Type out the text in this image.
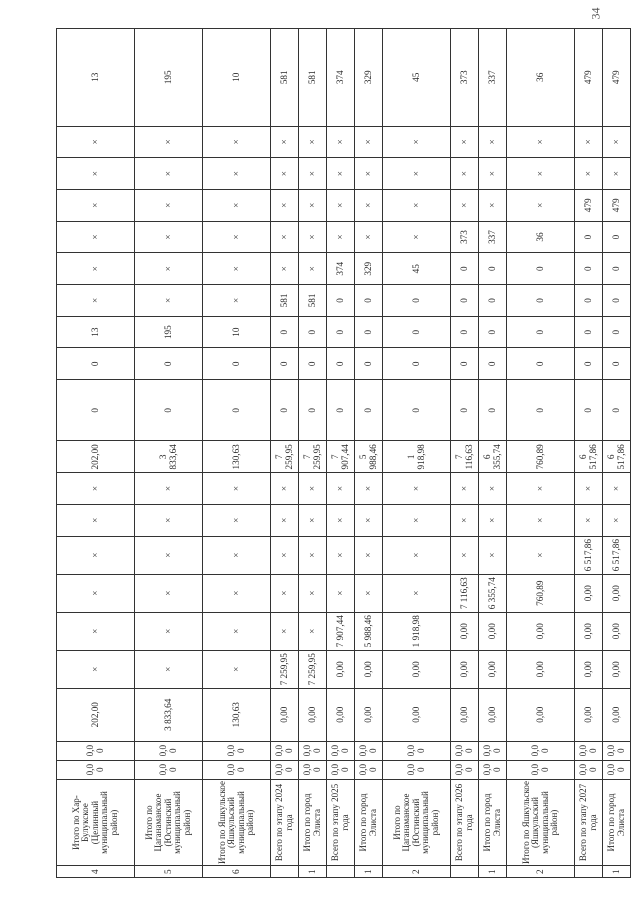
34
4	Итого по Хар-Булукское (Целинный муниципальный район)	0,00	0,00	202,00	×	×	×	×	×	×	202,00	0	0	13	×	×	×	×	×	×	13
5	Итого по Цаганаманское (Юстинский муниципальный район)	0,00	0,00	3 833,64	×	×	×	×	×	×	3 833,64	0	0	195	×	×	×	×	×	×	195
6	Итого по Яшкульское (Яшкульский муниципальный район)	0,00	0,00	130,63	×	×	×	×	×	×	130,63	0	0	10	×	×	×	×	×	×	10
	Всего по этапу 2024 года	0,00	0,00	0,00	7 259,95	×	×	×	×	×	7 259,95	0	0	0	581	×	×	×	×	×	581
1	Итого по город Элиста	0,00	0,00	0,00	7 259,95	×	×	×	×	×	7 259,95	0	0	0	581	×	×	×	×	×	581
	Всего по этапу 2025 года	0,00	0,00	0,00	0,00	7 907,44	×	×	×	×	7 907,44	0	0	0	0	374	×	×	×	×	374
1	Итого по город Элиста	0,00	0,00	0,00	0,00	5 988,46	×	×	×	×	5 988,46	0	0	0	0	329	×	×	×	×	329
2	Итого по Цаганаманское (Юстинский муниципальный район)	0,00	0,00	0,00	0,00	1 918,98	×	×	×	×	1 918,98	0	0	0	0	45	×	×	×	×	45
	Всего по этапу 2026 года	0,00	0,00	0,00	0,00	0,00	7 116,63	×	×	×	7 116,63	0	0	0	0	0	373	×	×	×	373
1	Итого по город Элиста	0,00	0,00	0,00	0,00	0,00	6 355,74	×	×	×	6 355,74	0	0	0	0	0	337	×	×	×	337
2	Итого по Яшкульское (Яшкульский муниципальный район)	0,00	0,00	0,00	0,00	0,00	760,89	×	×	×	760,89	0	0	0	0	0	36	×	×	×	36
	Всего по этапу 2027 года	0,00	0,00	0,00	0,00	0,00	0,00	6 517,86	×	×	6 517,86	0	0	0	0	0	0	479	×	×	479
1	Итого по город Элиста	0,00	0,00	0,00	0,00	0,00	0,00	6 517,86	×	×	6 517,86	0	0	0	0	0	0	479	×	×	479
